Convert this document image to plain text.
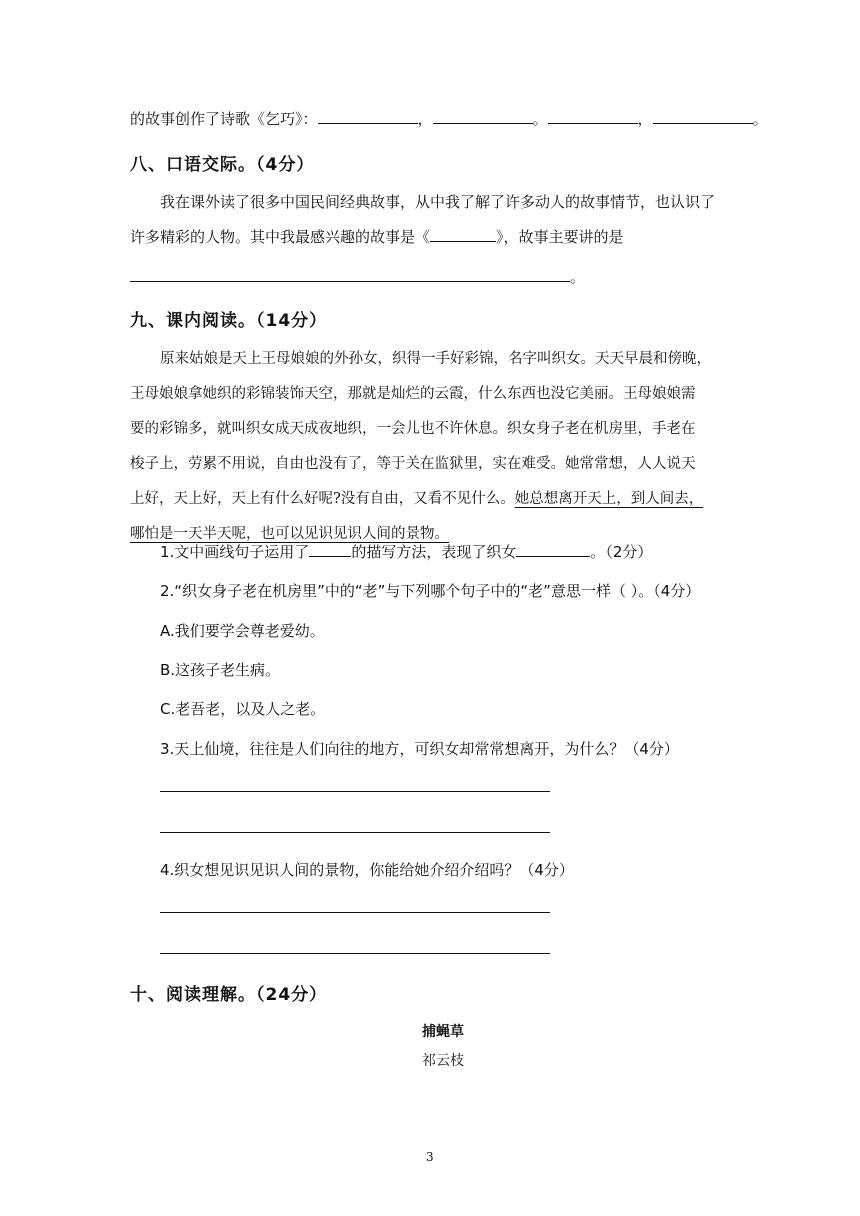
的故事创作了诗歌《乞巧》：	，	。	，	。
八、口语交际。（4分）
我在课外读了很多中国民间经典故事，从中我了解了许多动人的故事情节，也认识了
许多精彩的人物。其中我最感兴趣的故事是《	》，故事主要讲的是
。
九、课内阅读。（14分）
原来姑娘是天上王母娘娘的外孙女，织得一手好彩锦，名字叫织女。天天早晨和傍晚，
王母娘娘拿她织的彩锦装饰天空，那就是灿烂的云霞，什么东西也没它美丽。王母娘娘需
要的彩锦多，就叫织女成天成夜地织，一会儿也不许休息。织女身子老在机房里，手老在
梭子上，劳累不用说，自由也没有了，等于关在监狱里，实在难受。她常常想，人人说天
上好，天上好，天上有什么好呢?没有自由，又看不见什么。她总想离开天上，到人间去，
哪怕是一天半天呢，也可以见识见识人间的景物。
1.文中画线句子运用了	的描写方法，表现了织女	。（2分）
2.“织女身子老在机房里”中的“老”与下列哪个句子中的“老”意思一样（ ）。（4分）
A.我们要学会尊老爱幼。
B.这孩子老生病。
C.老吾老，以及人之老。
3.天上仙境，往往是人们向往的地方，可织女却常常想离开，为什么？（4分）
4.织女想见识见识人间的景物，你能给她介绍介绍吗？（4分）
十、阅读理解。（24分）
捕蝇草
祁云枝
3
